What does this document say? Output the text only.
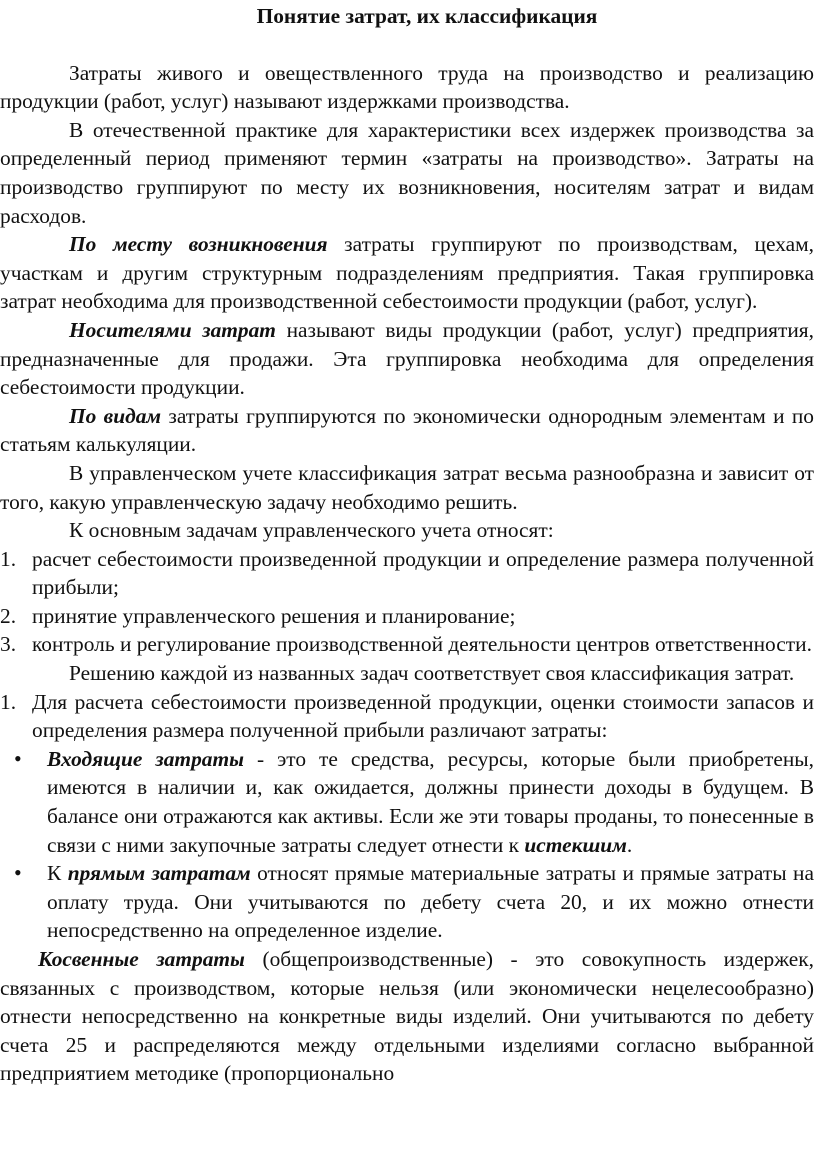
Понятие затрат, их классификация

Затраты живого и овеществленного труда на производство и реализацию продукции (работ, услуг) называют издержками производства.

В отечественной практике для характеристики всех издержек производства за определенный период применяют термин «затраты на производство». Затраты на производство группируют по месту их возникновения, носителям затрат и видам расходов.

По месту возникновения затраты группируют по производствам, цехам, участкам и другим структурным подразделениям предприятия. Такая группировка затрат необходима для производственной себестоимости продукции (работ, услуг).

Носителями затрат называют виды продукции (работ, услуг) предприятия, предназначенные для продажи. Эта группировка необходима для определения себестоимости продукции.

По видам затраты группируются по экономически однородным элементам и по статьям калькуляции.

В управленческом учете классификация затрат весьма разнообразна и зависит от того, какую управленческую задачу необходимо решить.

К основным задачам управленческого учета относят:

1. расчет себестоимости произведенной продукции и определение размера полученной прибыли;
2. принятие управленческого решения и планирование;
3. контроль и регулирование производственной деятельности центров ответственности.

Решению каждой из названных задач соответствует своя классификация затрат.

1. Для расчета себестоимости произведенной продукции, оценки стоимости запасов и определения размера полученной прибыли различают затраты:
• Входящие затраты - это те средства, ресурсы, которые были приобретены, имеются в наличии и, как ожидается, должны принести доходы в будущем. В балансе они отражаются как активы. Если же эти товары проданы, то понесенные в связи с ними закупочные затраты следует отнести к истекшим.
• К прямым затратам относят прямые материальные затраты и прямые затраты на оплату труда. Они учитываются по дебету счета 20, и их можно отнести непосредственно на определенное изделие.

Косвенные затраты (общепроизводственные) - это совокупность издержек, связанных с производством, которые нельзя (или экономически нецелесообразно) отнести непосредственно на конкретные виды изделий. Они учитываются по дебету счета 25 и распределяются между отдельными изделиями согласно выбранной предприятием методике (пропорционально
